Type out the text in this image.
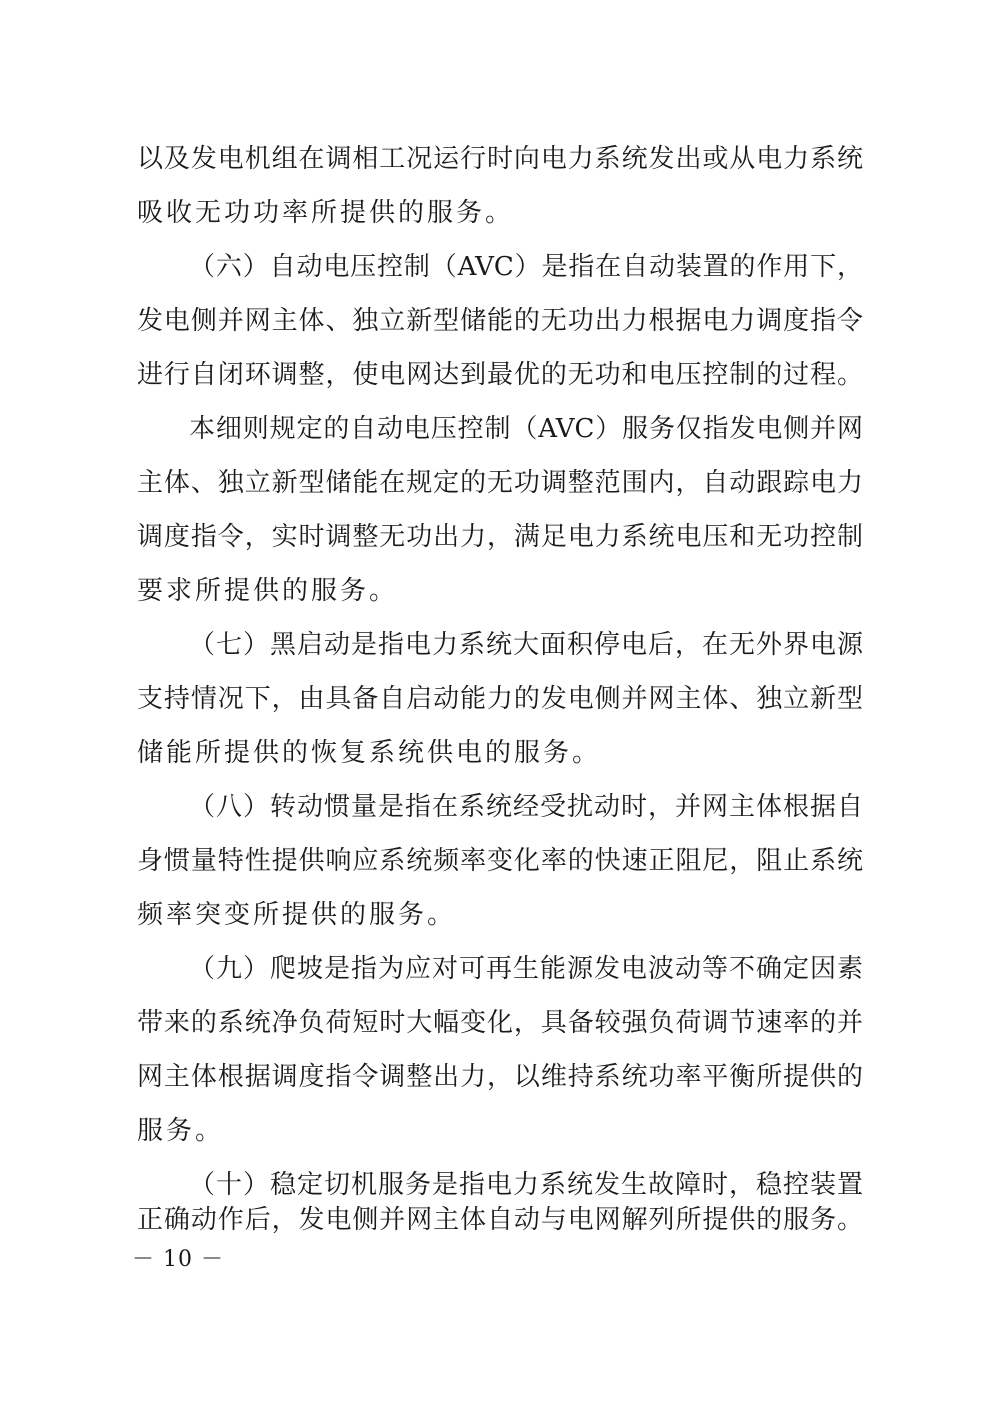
以及发电机组在调相工况运行时向电力系统发出或从电力系统
吸收无功功率所提供的服务。
（六）自动电压控制（AVC）是指在自动装置的作用下，
发电侧并网主体、独立新型储能的无功出力根据电力调度指令
进行自闭环调整，使电网达到最优的无功和电压控制的过程。
本细则规定的自动电压控制（AVC）服务仅指发电侧并网
主体、独立新型储能在规定的无功调整范围内，自动跟踪电力
调度指令，实时调整无功出力，满足电力系统电压和无功控制
要求所提供的服务。
（七）黑启动是指电力系统大面积停电后，在无外界电源
支持情况下，由具备自启动能力的发电侧并网主体、独立新型
储能所提供的恢复系统供电的服务。
（八）转动惯量是指在系统经受扰动时，并网主体根据自
身惯量特性提供响应系统频率变化率的快速正阻尼，阻止系统
频率突变所提供的服务。
（九）爬坡是指为应对可再生能源发电波动等不确定因素
带来的系统净负荷短时大幅变化，具备较强负荷调节速率的并
网主体根据调度指令调整出力，以维持系统功率平衡所提供的
服务。
（十）稳定切机服务是指电力系统发生故障时，稳控装置
正确动作后，发电侧并网主体自动与电网解列所提供的服务。
－ 10 －
